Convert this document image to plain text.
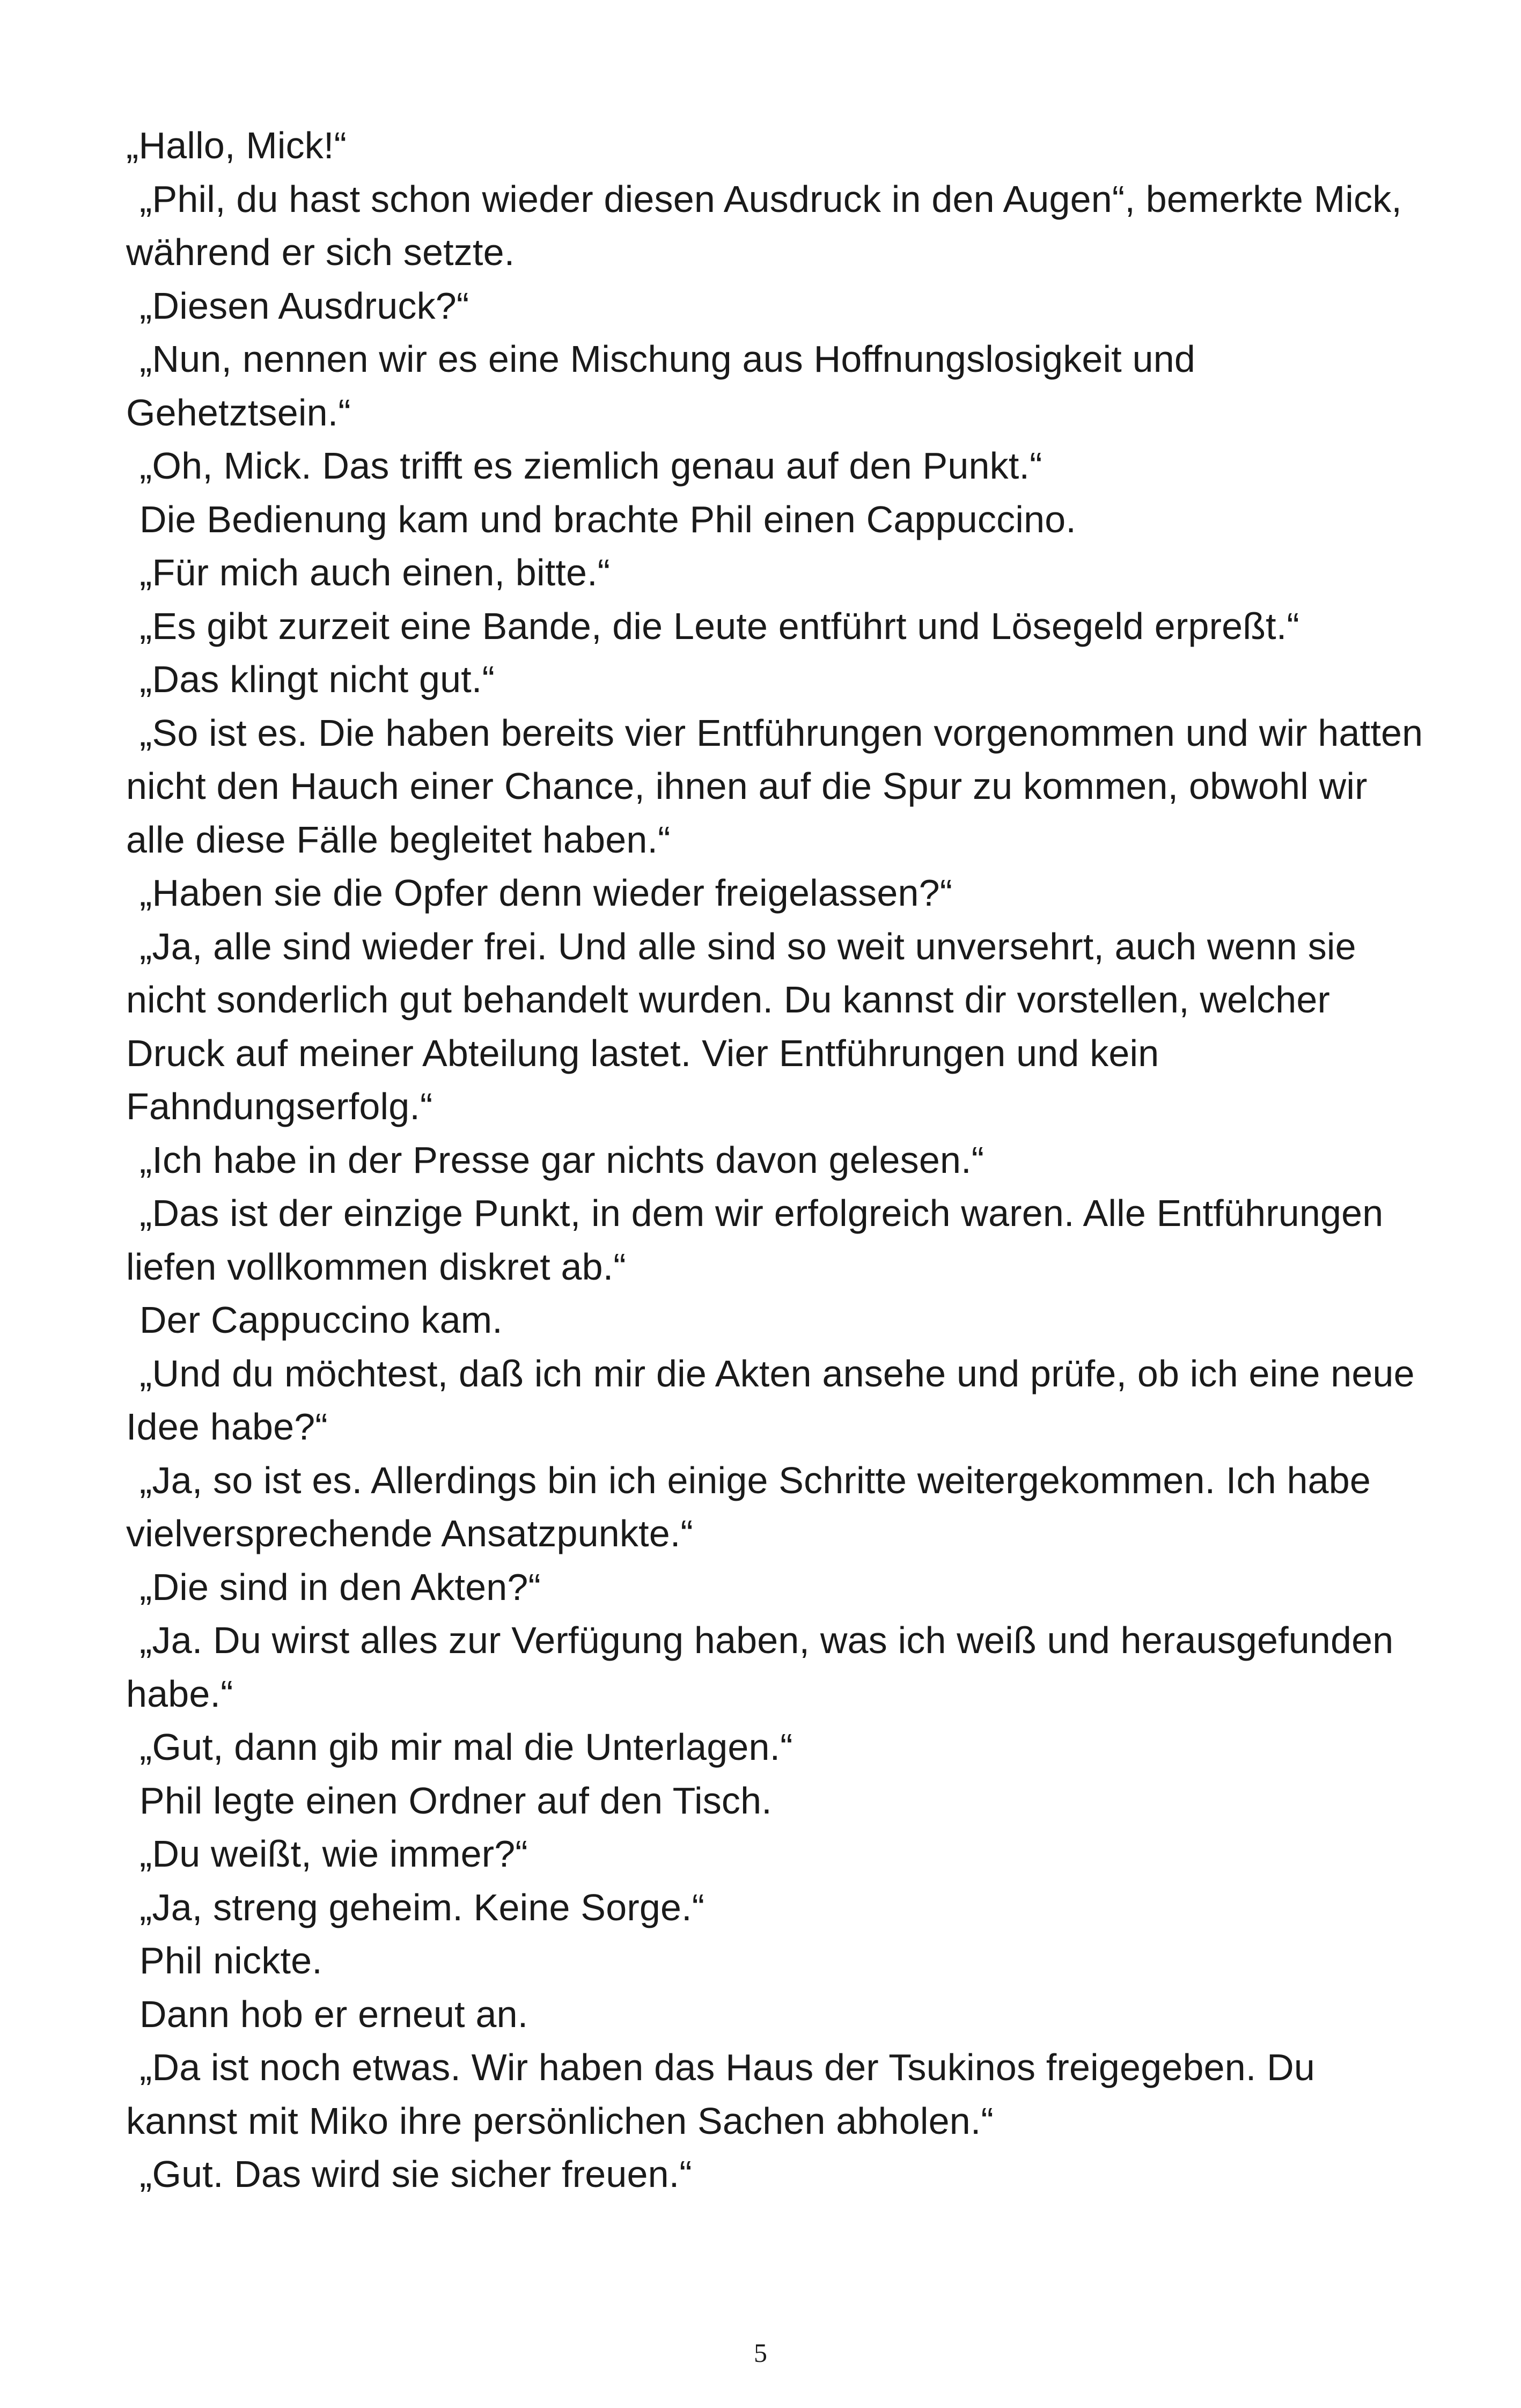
„Hallo, Mick!“
„Phil, du hast schon wieder diesen Ausdruck in den Augen“, bemerkte Mick, während er sich setzte.
„Diesen Ausdruck?“
„Nun, nennen wir es eine Mischung aus Hoffnungslosigkeit und Gehetztsein.“
„Oh, Mick. Das trifft es ziemlich genau auf den Punkt.“
Die Bedienung kam und brachte Phil einen Cappuccino.
„Für mich auch einen, bitte.“
„Es gibt zurzeit eine Bande, die Leute entführt und Lösegeld erpreßt.“
„Das klingt nicht gut.“
„So ist es. Die haben bereits vier Entführungen vorgenommen und wir hatten nicht den Hauch einer Chance, ihnen auf die Spur zu kommen, obwohl wir alle diese Fälle begleitet haben.“
„Haben sie die Opfer denn wieder freigelassen?“
„Ja, alle sind wieder frei. Und alle sind so weit unversehrt, auch wenn sie nicht sonderlich gut behandelt wurden. Du kannst dir vorstellen, welcher Druck auf meiner Abteilung lastet. Vier Entführungen und kein Fahndungserfolg.“
„Ich habe in der Presse gar nichts davon gelesen.“
„Das ist der einzige Punkt, in dem wir erfolgreich waren. Alle Entführungen liefen vollkommen diskret ab.“
Der Cappuccino kam.
„Und du möchtest, daß ich mir die Akten ansehe und prüfe, ob ich eine neue Idee habe?“
„Ja, so ist es. Allerdings bin ich einige Schritte weitergekommen. Ich habe vielversprechende Ansatzpunkte.“
„Die sind in den Akten?“
„Ja. Du wirst alles zur Verfügung haben, was ich weiß und herausgefunden habe.“
„Gut, dann gib mir mal die Unterlagen.“
Phil legte einen Ordner auf den Tisch.
„Du weißt, wie immer?“
„Ja, streng geheim. Keine Sorge.“
Phil nickte.
Dann hob er erneut an.
„Da ist noch etwas. Wir haben das Haus der Tsukinos freigegeben. Du kannst mit Miko ihre persönlichen Sachen abholen.“
„Gut. Das wird sie sicher freuen.“
5
